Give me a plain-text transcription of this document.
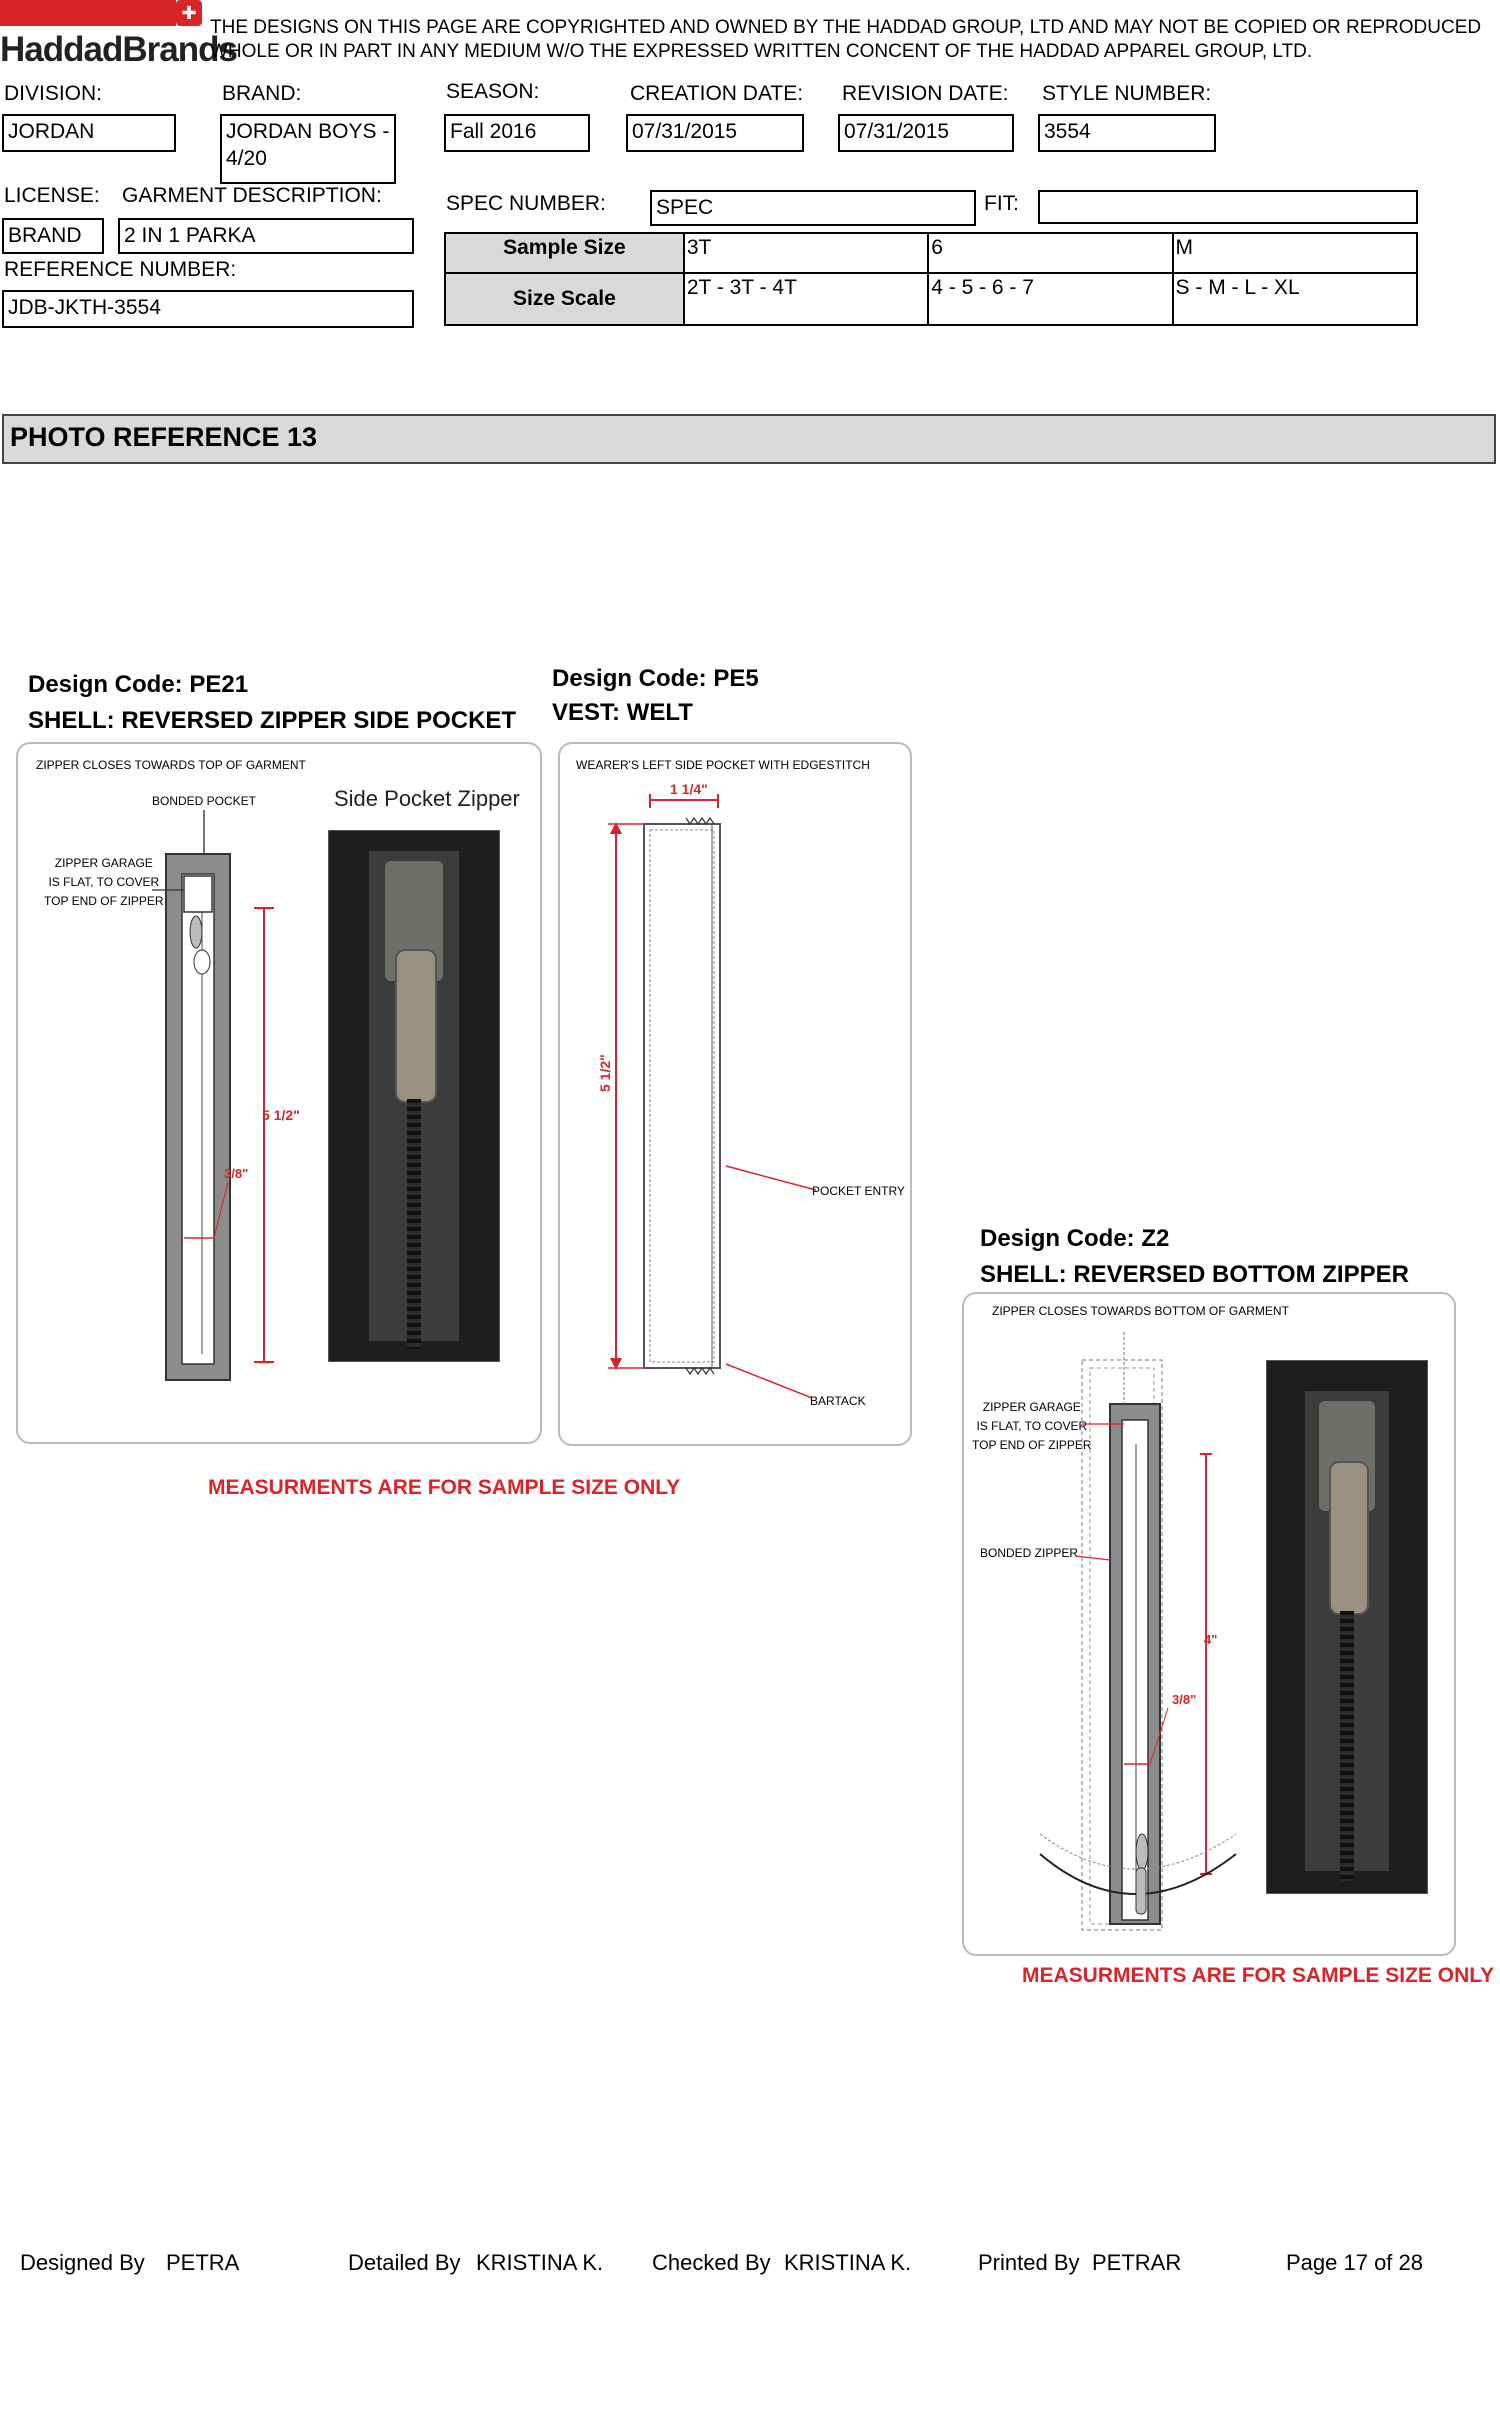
✚
HaddadBrands
THE DESIGNS ON THIS PAGE ARE COPYRIGHTED AND OWNED BY THE HADDAD GROUP, LTD AND MAY NOT BE COPIED OR REPRODUCED
WHOLE OR IN PART IN ANY MEDIUM W/O THE EXPRESSED WRITTEN CONCENT OF THE HADDAD APPAREL GROUP, LTD.
DIVISION:
JORDAN
BRAND:
JORDAN BOYS -
4/20
SEASON:
Fall 2016
CREATION DATE:
07/31/2015
REVISION DATE:
07/31/2015
STYLE NUMBER:
3554
LICENSE: GARMENT DESCRIPTION:
BRAND	2 IN 1 PARKA
REFERENCE NUMBER:
JDB-JKTH-3554
SPEC NUMBER: SPEC	FIT:
Sample Size	3T	6	M
Size Scale	2T - 3T - 4T	4 - 5 - 6 - 7	S - M - L - XL
PHOTO REFERENCE 13
Design Code: PE21
SHELL: REVERSED ZIPPER SIDE POCKET
ZIPPER CLOSES TOWARDS TOP OF GARMENT
BONDED POCKET
ZIPPER GARAGE
IS FLAT, TO COVER
TOP END OF ZIPPER
5 1/2"
3/8"
Side Pocket Zipper
MEASURMENTS ARE FOR SAMPLE SIZE ONLY
Design Code: PE5
VEST: WELT
WEARER'S LEFT SIDE POCKET WITH EDGESTITCH
1 1/4"
5 1/2"
POCKET ENTRY
BARTACK
Design Code: Z2
SHELL: REVERSED BOTTOM ZIPPER
ZIPPER CLOSES TOWARDS BOTTOM OF GARMENT
ZIPPER GARAGE
IS FLAT, TO COVER
TOP END OF ZIPPER
BONDED ZIPPER
4"
3/8"
MEASURMENTS ARE FOR SAMPLE SIZE ONLY
Designed By PETRA	Detailed By KRISTINA K. Checked By KRISTINA K.	Printed By PETRAR	Page 17 of 28
